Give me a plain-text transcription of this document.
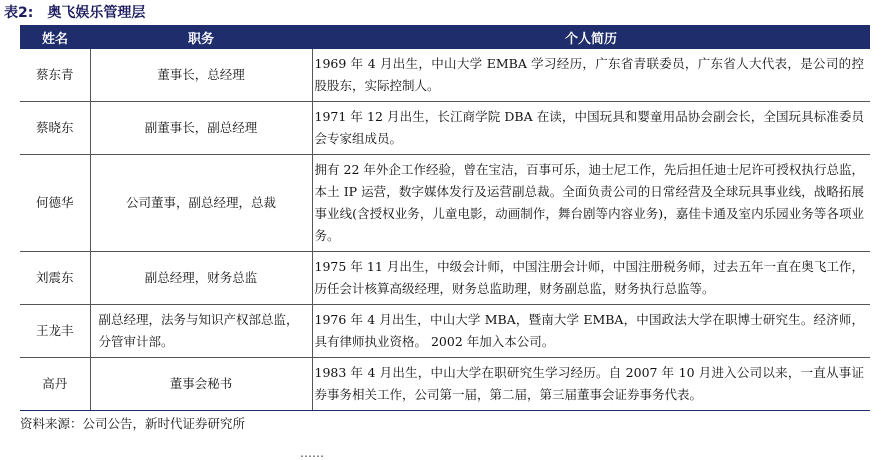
表2: 奥飞娱乐管理层
姓名	职务	个人简历
蔡东青	董事长，总经理	1969 年 4 月出生，中山大学 EMBA 学习经历，广东省青联委员，广东省人大代表，是公司的控股股东，实际控制人。
蔡晓东	副董事长，副总经理	1971 年 12 月出生，长江商学院 DBA 在读，中国玩具和婴童用品协会副会长，全国玩具标准委员会专家组成员。
何德华	公司董事，副总经理，总裁	拥有 22 年外企工作经验，曾在宝洁，百事可乐，迪士尼工作，先后担任迪士尼许可授权执行总监，本土 IP 运营，数字媒体发行及运营副总裁。全面负责公司的日常经营及全球玩具事业线，战略拓展事业线(含授权业务，儿童电影，动画制作，舞台剧等内容业务)，嘉佳卡通及室内乐园业务等各项业务。
刘震东	副总经理，财务总监	1975 年 11 月出生，中级会计师，中国注册会计师，中国注册税务师，过去五年一直在奥飞工作，历任会计核算高级经理，财务总监助理，财务副总监，财务执行总监等。
王龙丰	副总经理，法务与知识产权部总监，分管审计部。	1976 年 4 月出生，中山大学 MBA，暨南大学 EMBA，中国政法大学在职博士研究生。经济师，具有律师执业资格。 2002 年加入本公司。
高丹	董事会秘书	1983 年 4 月出生，中山大学在职研究生学习经历。自 2007 年 10 月进入公司以来，一直从事证券事务相关工作，公司第一届，第二届，第三届董事会证券事务代表。
资料来源：公司公告，新时代证券研究所
……
